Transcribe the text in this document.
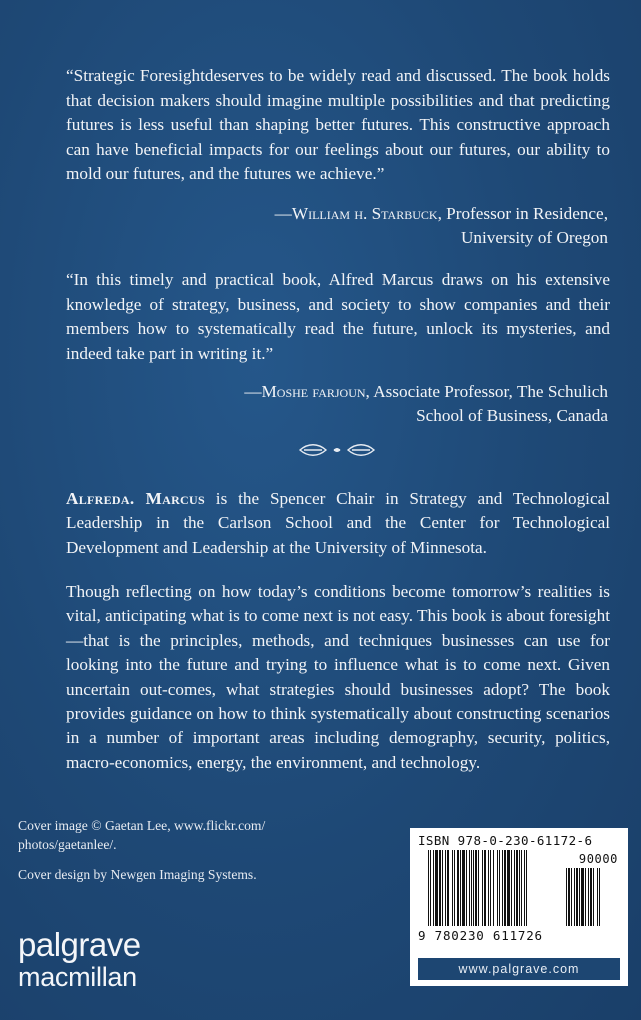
“Strategic Foresightdeserves to be widely read and discussed. The book holds that decision makers should imagine multiple possibilities and that predicting futures is less useful than shaping better futures. This constructive approach can have beneficial impacts for our feelings about our futures, our ability to mold our futures, and the futures we achieve.”
—William h. Starbuck, Professor in Residence,
University of Oregon
“In this timely and practical book, Alfred Marcus draws on his extensive knowledge of strategy, business, and society to show companies and their members how to systematically read the future, unlock its mysteries, and indeed take part in writing it.”
—Moshe farjoun, Associate Professor, The Schulich
School of Business, Canada
Alfreda. Marcus is the Spencer Chair in Strategy and Technological Leadership in the Carlson School and the Center for Technological Development and Leadership at the University of Minnesota.
Though reflecting on how today’s conditions become tomorrow’s realities is vital, anticipating what is to come next is not easy. This book is about foresight—that is the principles, methods, and techniques businesses can use for looking into the future and trying to influence what is to come next. Given uncertain out-comes, what strategies should businesses adopt? The book provides guidance on how to think systematically about constructing scenarios in a number of important areas including demography, security, politics, macro-economics, energy, the environment, and technology.
Cover image © Gaetan Lee, www.flickr.com/
photos/gaetanlee/.
Cover design by Newgen Imaging Systems.
palgrave
macmillan
ISBN 978-0-230-61172-6
90000
9 780230 611726
www.palgrave.com
